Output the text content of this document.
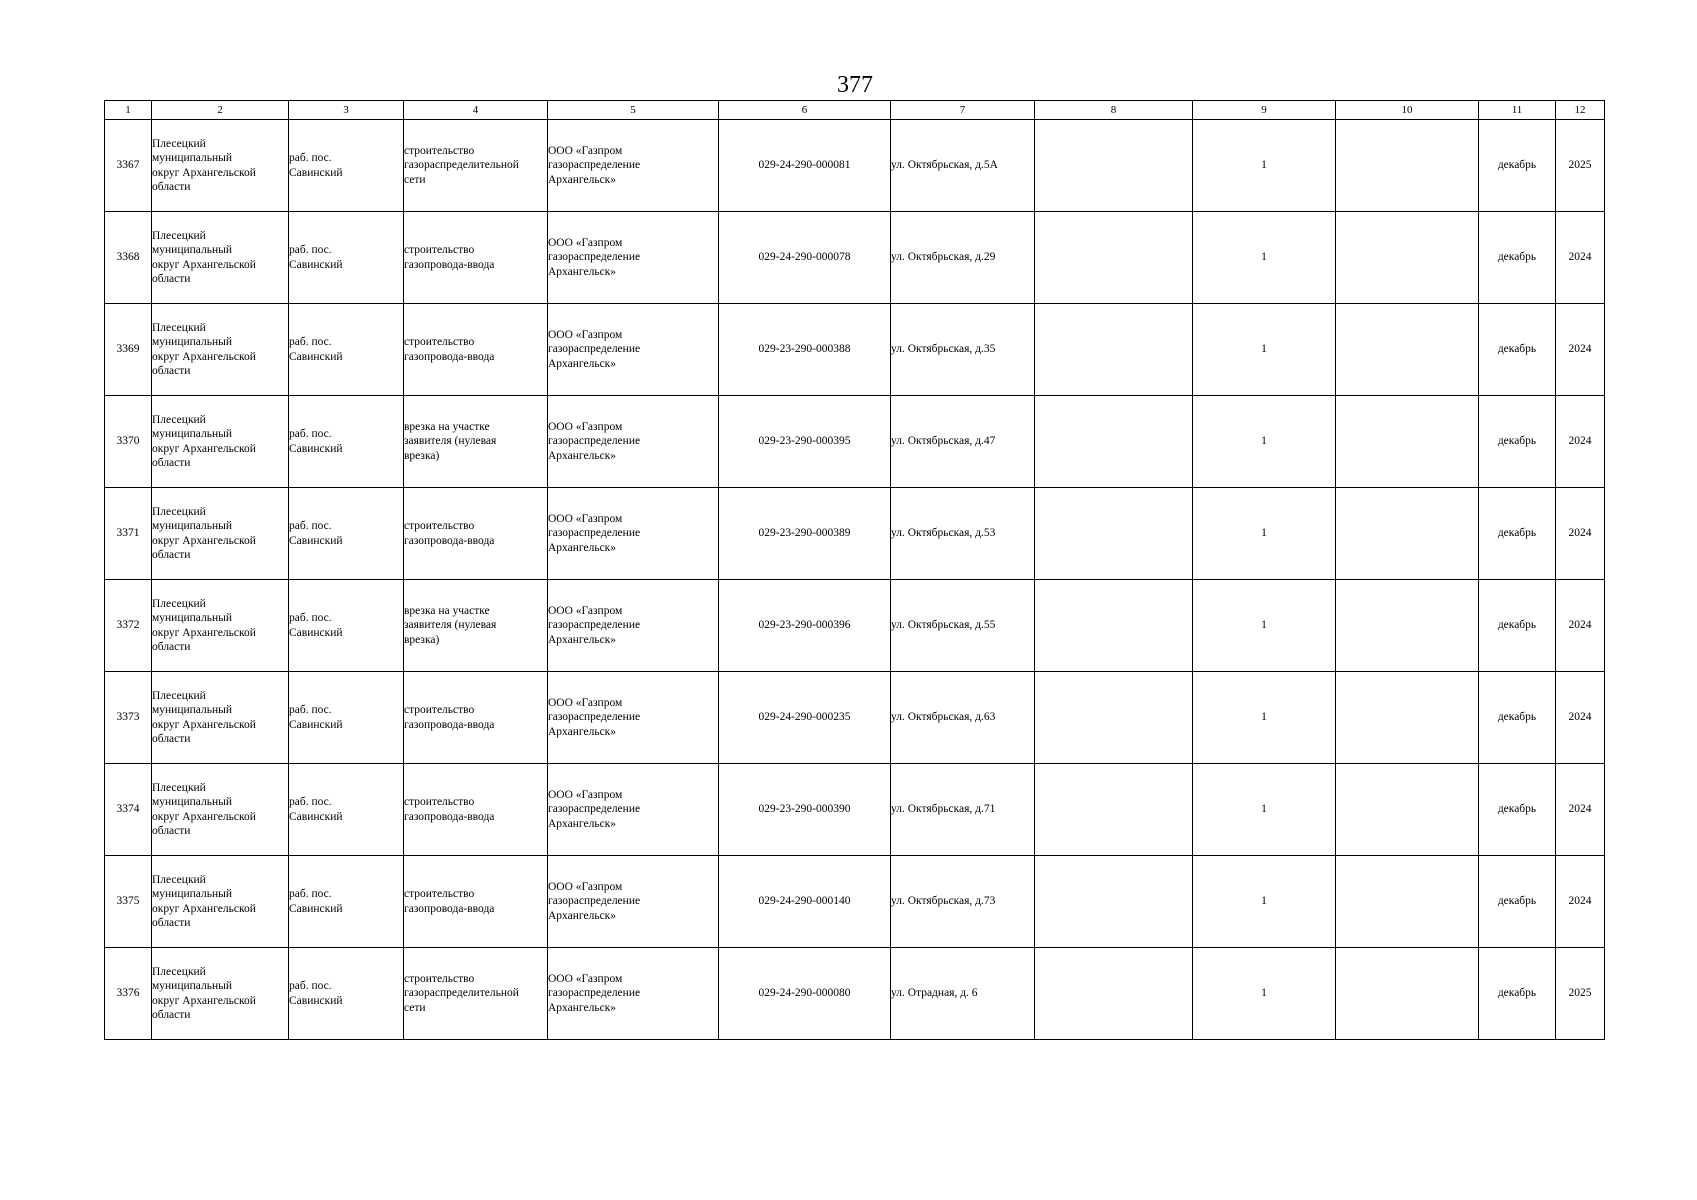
377
1	2	3	4	5	6	7	8	9	10	11	12
3367	Плесецкий
муниципальный
округ Архангельской
области	раб. пос.
Савинский	строительство
газораспределительной
сети	ООО «Газпром
газораспределение
Архангельск»	029-24-290-000081	ул. Октябрьская, д.5А		1		декабрь	2025
3368	Плесецкий
муниципальный
округ Архангельской
области	раб. пос.
Савинский	строительство
газопровода-ввода	ООО «Газпром
газораспределение
Архангельск»	029-24-290-000078	ул. Октябрьская, д.29		1		декабрь	2024
3369	Плесецкий
муниципальный
округ Архангельской
области	раб. пос.
Савинский	строительство
газопровода-ввода	ООО «Газпром
газораспределение
Архангельск»	029-23-290-000388	ул. Октябрьская, д.35		1		декабрь	2024
3370	Плесецкий
муниципальный
округ Архангельской
области	раб. пос.
Савинский	врезка на участке
заявителя (нулевая
врезка)	ООО «Газпром
газораспределение
Архангельск»	029-23-290-000395	ул. Октябрьская, д.47		1		декабрь	2024
3371	Плесецкий
муниципальный
округ Архангельской
области	раб. пос.
Савинский	строительство
газопровода-ввода	ООО «Газпром
газораспределение
Архангельск»	029-23-290-000389	ул. Октябрьская, д.53		1		декабрь	2024
3372	Плесецкий
муниципальный
округ Архангельской
области	раб. пос.
Савинский	врезка на участке
заявителя (нулевая
врезка)	ООО «Газпром
газораспределение
Архангельск»	029-23-290-000396	ул. Октябрьская, д.55		1		декабрь	2024
3373	Плесецкий
муниципальный
округ Архангельской
области	раб. пос.
Савинский	строительство
газопровода-ввода	ООО «Газпром
газораспределение
Архангельск»	029-24-290-000235	ул. Октябрьская, д.63		1		декабрь	2024
3374	Плесецкий
муниципальный
округ Архангельской
области	раб. пос.
Савинский	строительство
газопровода-ввода	ООО «Газпром
газораспределение
Архангельск»	029-23-290-000390	ул. Октябрьская, д.71		1		декабрь	2024
3375	Плесецкий
муниципальный
округ Архангельской
области	раб. пос.
Савинский	строительство
газопровода-ввода	ООО «Газпром
газораспределение
Архангельск»	029-24-290-000140	ул. Октябрьская, д.73		1		декабрь	2024
3376	Плесецкий
муниципальный
округ Архангельской
области	раб. пос.
Савинский	строительство
газораспределительной
сети	ООО «Газпром
газораспределение
Архангельск»	029-24-290-000080	ул. Отрадная, д. 6		1		декабрь	2025
